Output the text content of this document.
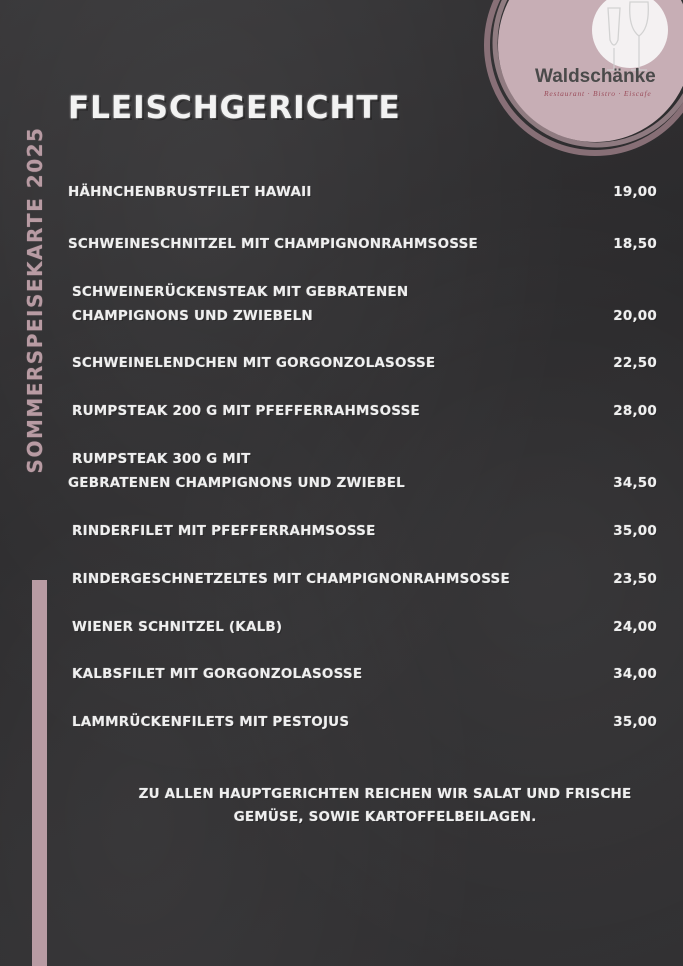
Waldschänke
Restaurant · Bistro · Eiscafe
SOMMERSPEISEKARTE 2025
FLEISCHGERICHTE
HÄHNCHENBRUSTFILET HAWAII	19,00
SCHWEINESCHNITZEL MIT CHAMPIGNONRAHMSOSSE	18,50
SCHWEINERÜCKENSTEAK MIT GEBRATENEN
CHAMPIGNONS UND ZWIEBELN	20,00
SCHWEINELENDCHEN MIT GORGONZOLASOSSE	22,50
RUMPSTEAK 200 G MIT PFEFFERRAHMSOSSE	28,00
RUMPSTEAK 300 G MIT
GEBRATENEN CHAMPIGNONS UND ZWIEBEL	34,50
RINDERFILET MIT PFEFFERRAHMSOSSE	35,00
RINDERGESCHNETZELTES MIT CHAMPIGNONRAHMSOSSE	23,50
WIENER SCHNITZEL (KALB)	24,00
KALBSFILET MIT GORGONZOLASOSSE	34,00
LAMMRÜCKENFILETS MIT PESTOJUS	35,00
ZU ALLEN HAUPTGERICHTEN REICHEN WIR SALAT UND FRISCHE
GEMÜSE, SOWIE KARTOFFELBEILAGEN.
